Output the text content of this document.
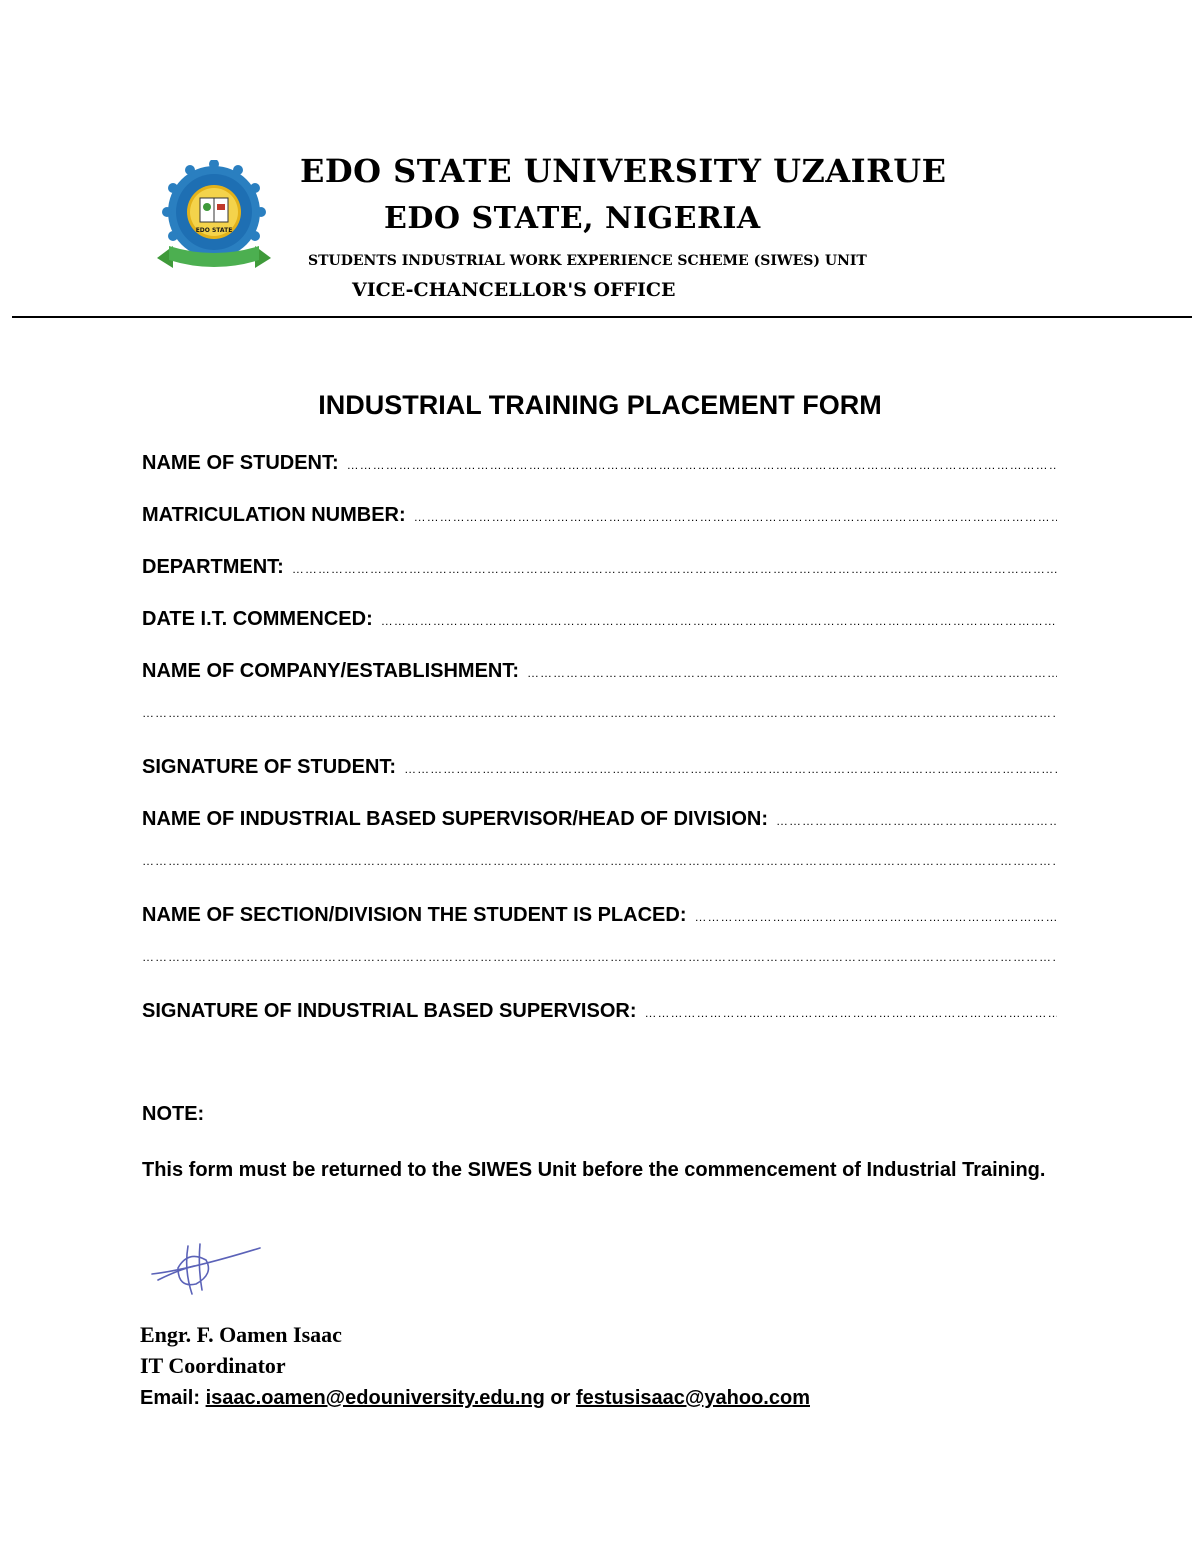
EDO STATE
EDO STATE UNIVERSITY UZAIRUE
EDO STATE, NIGERIA
STUDENTS INDUSTRIAL WORK EXPERIENCE SCHEME (SIWES) UNIT
VICE-CHANCELLOR'S OFFICE
INDUSTRIAL TRAINING PLACEMENT FORM
NAME OF STUDENT:
………………………………………………………………………………………………………………………………………………………………………………………………………………………………………………………………………………………………………
MATRICULATION NUMBER:
………………………………………………………………………………………………………………………………………………………………………………………………………………………………………………………………………………………………………
DEPARTMENT:
………………………………………………………………………………………………………………………………………………………………………………………………………………………………………………………………………………………………………
DATE I.T. COMMENCED:
………………………………………………………………………………………………………………………………………………………………………………………………………………………………………………………………………………………………………
NAME OF COMPANY/ESTABLISHMENT:
………………………………………………………………………………………………………………………………………………………………………………………………………………………………………………………………………………………………………
………………………………………………………………………………………………………………………………………………………………………………………………………………………………………………………………………………………………………
SIGNATURE OF STUDENT:
………………………………………………………………………………………………………………………………………………………………………………………………………………………………………………………………………………………………………
NAME OF INDUSTRIAL BASED SUPERVISOR/HEAD OF DIVISION:
………………………………………………………………………………………………………………………………………………………………………………………………………………………………………………………………………………………………………
………………………………………………………………………………………………………………………………………………………………………………………………………………………………………………………………………………………………………
NAME OF SECTION/DIVISION THE STUDENT IS PLACED:
………………………………………………………………………………………………………………………………………………………………………………………………………………………………………………………………………………………………………
………………………………………………………………………………………………………………………………………………………………………………………………………………………………………………………………………………………………………
SIGNATURE OF INDUSTRIAL BASED SUPERVISOR:
………………………………………………………………………………………………………………………………………………………………………………………………………………………………………………………………………………………………………
NOTE:
This form must be returned to the SIWES Unit before the commencement of Industrial Training.
Engr. F. Oamen Isaac
IT Coordinator
Email: isaac.oamen@edouniversity.edu.ng or festusisaac@yahoo.com
